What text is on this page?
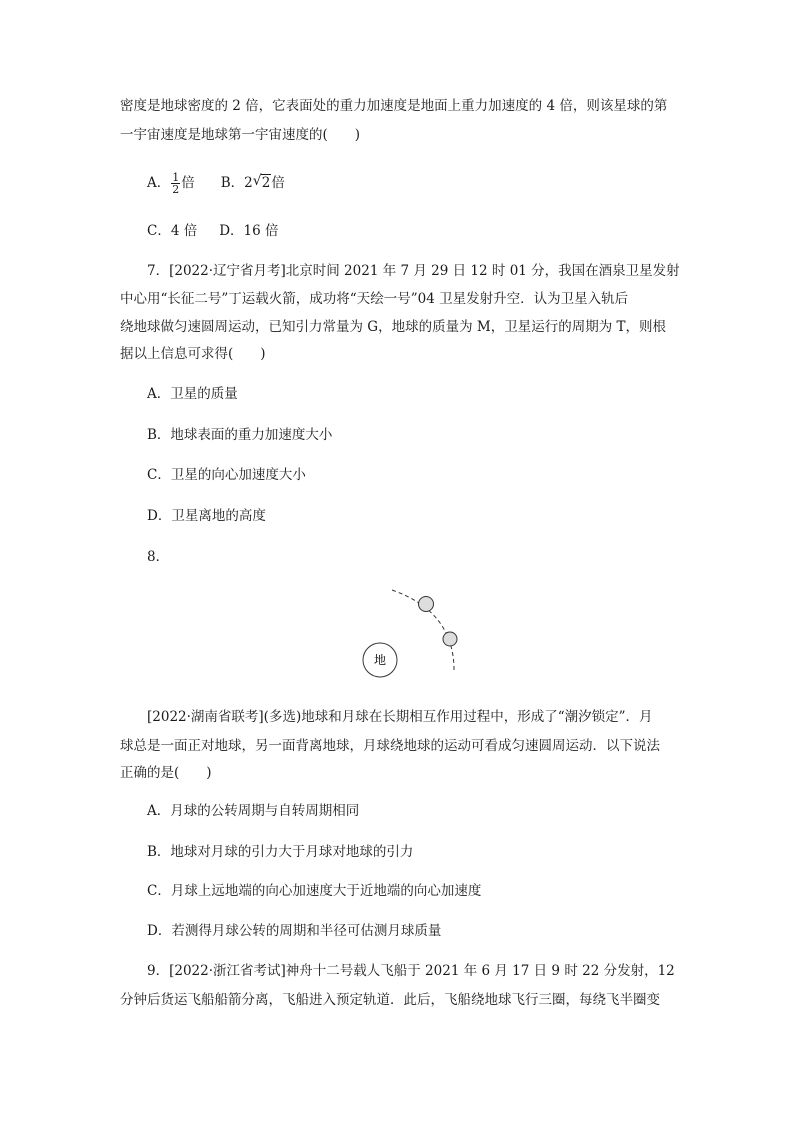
密度是地球密度的 2 倍，它表面处的重力加速度是地面上重力加速度的 4 倍，则该星球的第
一宇宙速度是地球第一宇宙速度的(　　)
A． $\frac{1}{2}$ 倍 B．2 √ 2倍
C．4 倍 D．16 倍
7．[2022·辽宁省月考]北京时间 2021 年 7 月 29 日 12 时 01 分，我国在酒泉卫星发射
中心用“长征二号”丁运载火箭，成功将“天绘一号”04 卫星发射升空．认为卫星入轨后
绕地球做匀速圆周运动，已知引力常量为 G，地球的质量为 M，卫星运行的周期为 T，则根
据以上信息可求得(　　)
A．卫星的质量
B．地球表面的重力加速度大小
C．卫星的向心加速度大小
D．卫星离地的高度
8．
地
[2022·湖南省联考](多选)地球和月球在长期相互作用过程中，形成了“潮汐锁定”．月
球总是一面正对地球，另一面背离地球，月球绕地球的运动可看成匀速圆周运动．以下说法
正确的是(　　)
A．月球的公转周期与自转周期相同
B．地球对月球的引力大于月球对地球的引力
C．月球上远地端的向心加速度大于近地端的向心加速度
D．若测得月球公转的周期和半径可估测月球质量
9．[2022·浙江省考试]神舟十二号载人飞船于 2021 年 6 月 17 日 9 时 22 分发射，12
分钟后货运飞船船箭分离，飞船进入预定轨道．此后，飞船绕地球飞行三圈，每绕飞半圈变
